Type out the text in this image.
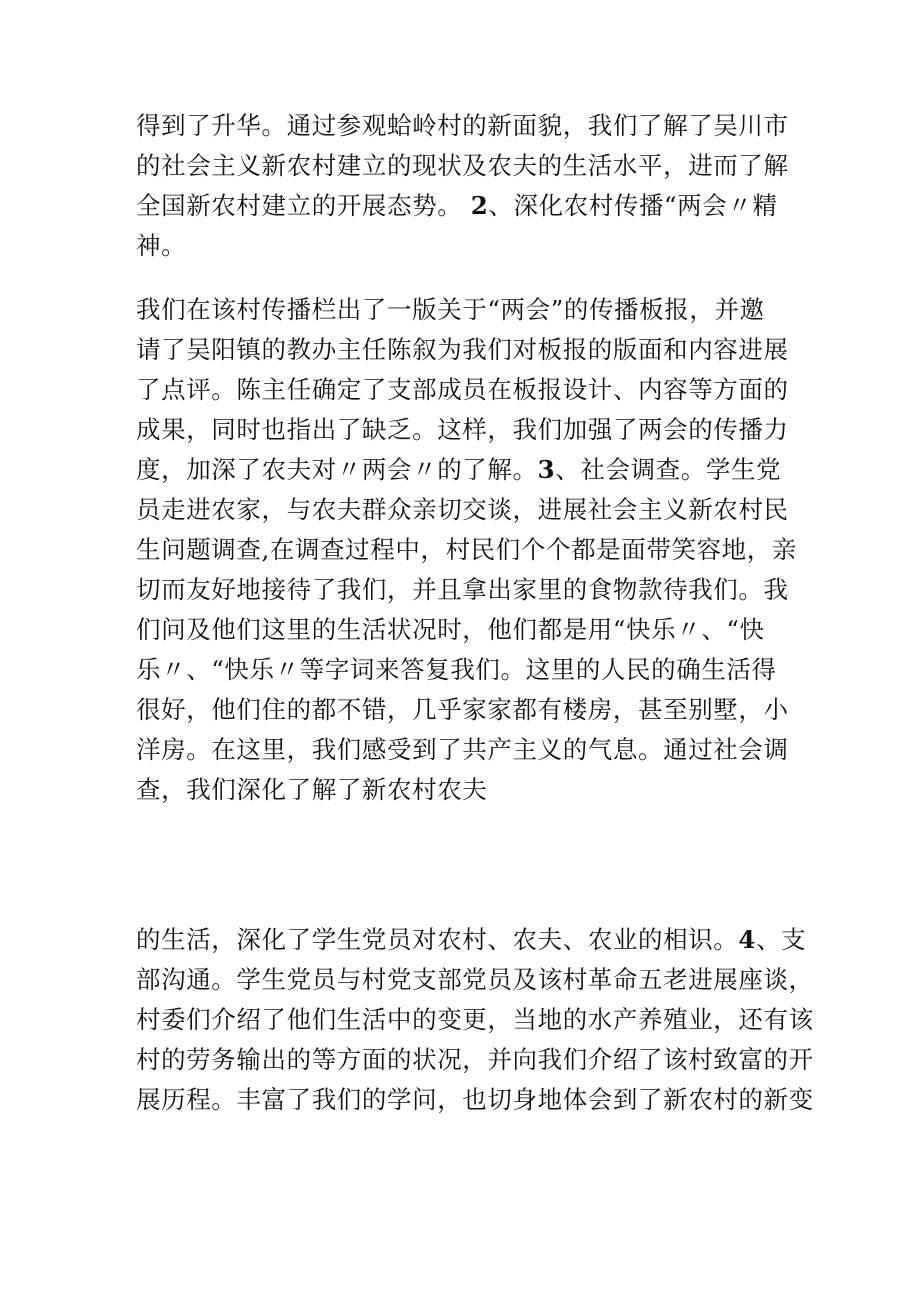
得到了升华。通过参观蛤岭村的新面貌，我们了解了吴川市
的社会主义新农村建立的现状及农夫的生活水平，进而了解
全国新农村建立的开展态势。 2、深化农村传播“两会〃精
神。
我们在该村传播栏出了一版关于“两会”的传播板报，并邀
请了吴阳镇的教办主任陈叙为我们对板报的版面和内容进展
了点评。陈主任确定了支部成员在板报设计、内容等方面的
成果，同时也指出了缺乏。这样，我们加强了两会的传播力
度，加深了农夫对〃两会〃的了解。3、社会调查。学生党
员走进农家，与农夫群众亲切交谈，进展社会主义新农村民
生问题调查,在调查过程中，村民们个个都是面带笑容地，亲
切而友好地接待了我们，并且拿出家里的食物款待我们。我
们问及他们这里的生活状况时，他们都是用“快乐〃、“快
乐〃、“快乐〃等字词来答复我们。这里的人民的确生活得
很好，他们住的都不错，几乎家家都有楼房，甚至别墅，小
洋房。在这里，我们感受到了共产主义的气息。通过社会调
查，我们深化了解了新农村农夫
的生活，深化了学生党员对农村、农夫、农业的相识。4、支
部沟通。学生党员与村党支部党员及该村革命五老进展座谈，
村委们介绍了他们生活中的变更，当地的水产养殖业，还有该
村的劳务输出的等方面的状况，并向我们介绍了该村致富的开
展历程。丰富了我们的学问，也切身地体会到了新农村的新变
